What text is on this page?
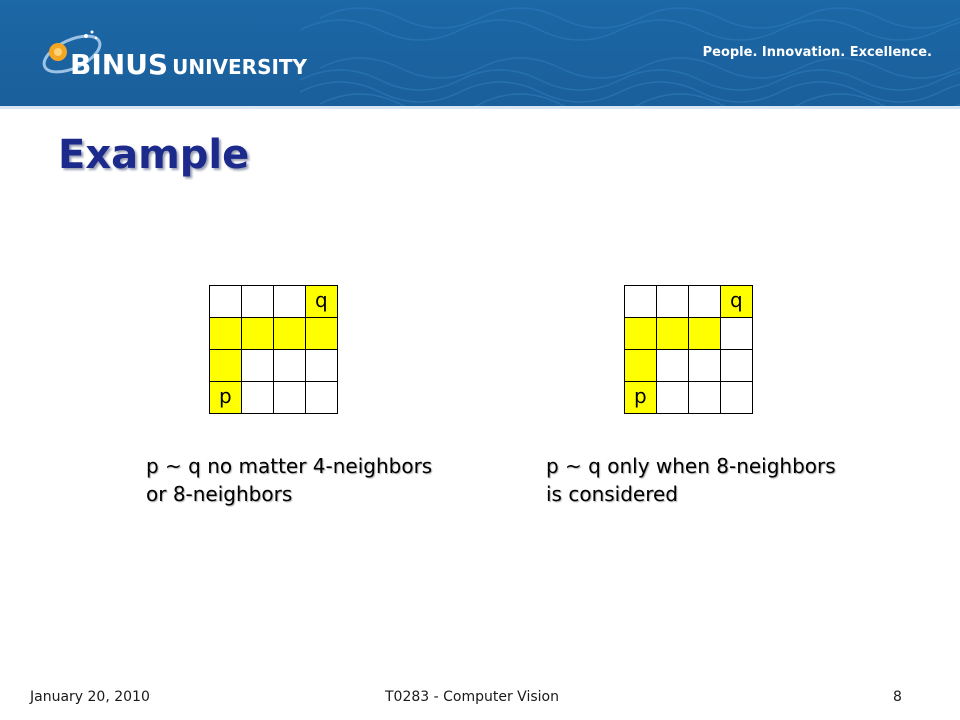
BINUS UNIVERSITY
People. Innovation. Excellence.
Example
q
p
q
p
p ~ q no matter 4-neighbors
or 8-neighbors
p ~ q only when 8-neighbors
is considered
January 20, 2010	T0283 - Computer Vision	8
